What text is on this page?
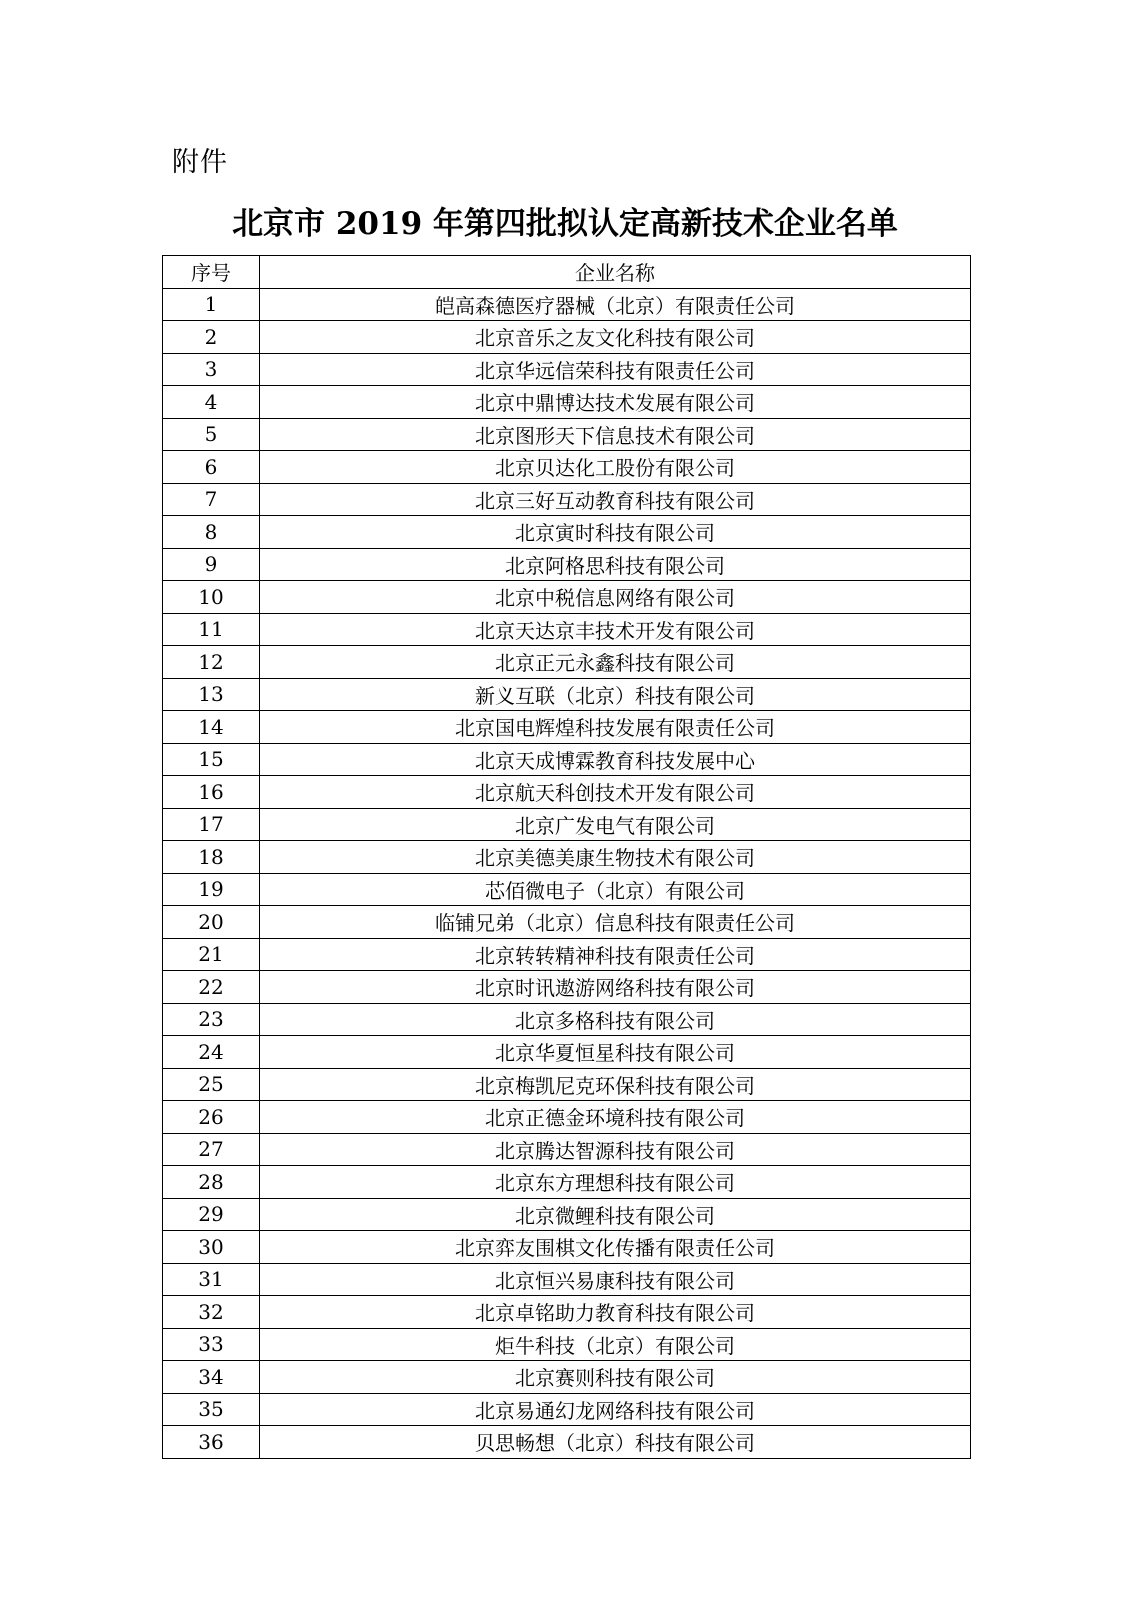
附件
北京市 2019 年第四批拟认定高新技术企业名单
序号	企业名称
1	皑高森德医疗器械（北京）有限责任公司
2	北京音乐之友文化科技有限公司
3	北京华远信荣科技有限责任公司
4	北京中鼎博达技术发展有限公司
5	北京图形天下信息技术有限公司
6	北京贝达化工股份有限公司
7	北京三好互动教育科技有限公司
8	北京寅时科技有限公司
9	北京阿格思科技有限公司
10	北京中税信息网络有限公司
11	北京天达京丰技术开发有限公司
12	北京正元永鑫科技有限公司
13	新义互联（北京）科技有限公司
14	北京国电辉煌科技发展有限责任公司
15	北京天成博霖教育科技发展中心
16	北京航天科创技术开发有限公司
17	北京广发电气有限公司
18	北京美德美康生物技术有限公司
19	芯佰微电子（北京）有限公司
20	临铺兄弟（北京）信息科技有限责任公司
21	北京转转精神科技有限责任公司
22	北京时讯遨游网络科技有限公司
23	北京多格科技有限公司
24	北京华夏恒星科技有限公司
25	北京梅凯尼克环保科技有限公司
26	北京正德金环境科技有限公司
27	北京腾达智源科技有限公司
28	北京东方理想科技有限公司
29	北京微鲤科技有限公司
30	北京弈友围棋文化传播有限责任公司
31	北京恒兴易康科技有限公司
32	北京卓铭助力教育科技有限公司
33	炬牛科技（北京）有限公司
34	北京赛则科技有限公司
35	北京易通幻龙网络科技有限公司
36	贝思畅想（北京）科技有限公司
